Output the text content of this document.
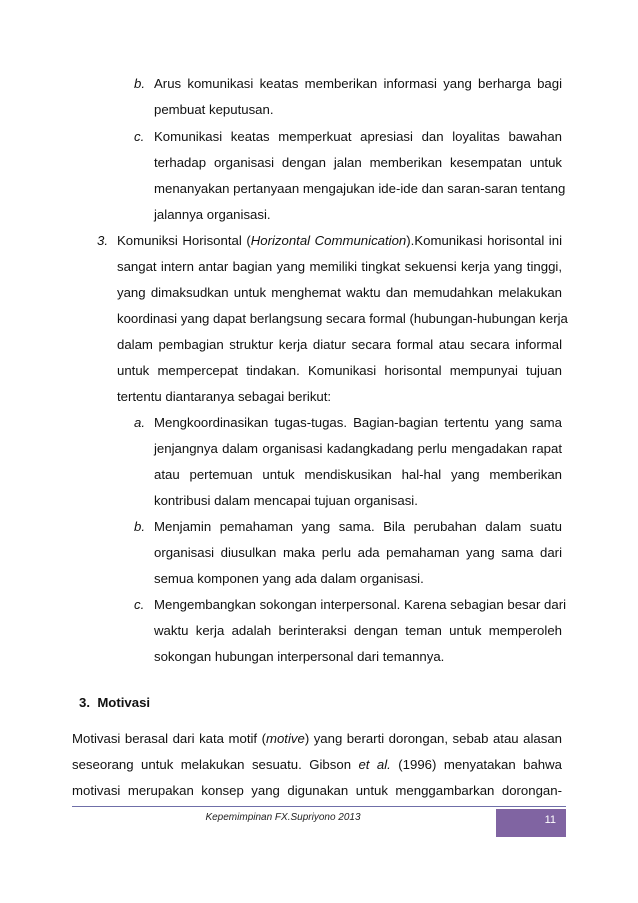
b. Arus komunikasi keatas memberikan informasi yang berharga bagi
pembuat keputusan.
c. Komunikasi keatas memperkuat apresiasi dan loyalitas bawahan
terhadap organisasi dengan jalan memberikan kesempatan untuk
menanyakan pertanyaan mengajukan ide-ide dan saran-saran tentang
jalannya organisasi.
3. Komuniksi Horisontal (Horizontal Communication).Komunikasi horisontal ini
sangat intern antar bagian yang memiliki tingkat sekuensi kerja yang tinggi,
yang dimaksudkan untuk menghemat waktu dan memudahkan melakukan
koordinasi yang dapat berlangsung secara formal (hubungan-hubungan kerja
dalam pembagian struktur kerja diatur secara formal atau secara informal
untuk mempercepat tindakan. Komunikasi horisontal mempunyai tujuan
tertentu diantaranya sebagai berikut:
a. Mengkoordinasikan tugas-tugas. Bagian-bagian tertentu yang sama
jenjangnya dalam organisasi kadangkadang perlu mengadakan rapat
atau pertemuan untuk mendiskusikan hal-hal yang memberikan
kontribusi dalam mencapai tujuan organisasi.
b. Menjamin pemahaman yang sama. Bila perubahan dalam suatu
organisasi diusulkan maka perlu ada pemahaman yang sama dari
semua komponen yang ada dalam organisasi.
c. Mengembangkan sokongan interpersonal. Karena sebagian besar dari
waktu kerja adalah berinteraksi dengan teman untuk memperoleh
sokongan hubungan interpersonal dari temannya.
3.  Motivasi
Motivasi berasal dari kata motif (motive) yang berarti dorongan, sebab atau alasan
seseorang untuk melakukan sesuatu. Gibson et al. (1996) menyatakan bahwa
motivasi merupakan konsep yang digunakan untuk menggambarkan dorongan-
Kepemimpinan FX.Supriyono 2013	11
